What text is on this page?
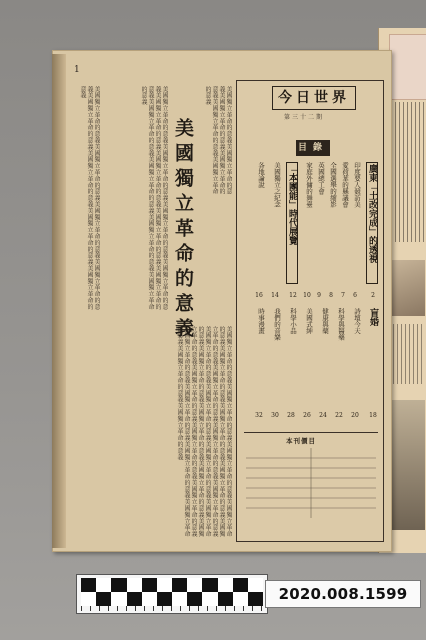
1
美國獨立革命的意義美國獨立革命的意義美國獨立革命的意義美國獨立革命的意義美國獨立革命的意義美國獨立革命的意義美國獨立革命的意義美國獨立革命的意義	美國獨立革命的意義美國獨立革命的意義美國獨立革命的意義美國獨立革命的意義美國獨立革命的意義美國獨立革命的意義美國獨立革命的意義美國獨立革命的意義美國獨立革命的意義美國獨立革命的意義美國獨立革命的意義美國獨立革命的意義	美國獨立革命的意義美國獨立革命的意義美國獨立革命的意義美國獨立革命的意義美國獨立革命的意義美國獨立革命的意義
美國獨立革命的意義美國獨立革命的意義美國獨立革命的意義美國獨立革命的意義美國獨立革命的意義美國獨立革命的意義美國獨立革命的意義美國獨立革命的意義美國獨立革命的意義美國獨立革命的意義美國獨立革命的意義美國獨立革命的意義美國獨立革命的意義美國獨立革命的意義美國獨立革命的意義美國獨立革命的意義美國獨立革命的意義美國獨立革命的意義美國獨立革命的意義美國獨立革命的意義美國獨立革命的意義美國獨立革命的意義美國獨立革命的意義美國獨立革命的意義美國獨立革命的意義美國獨立革命的意義美國獨立革命的意義美國獨立革命的意義
美國獨立革命的意義
今日世界
第三十二期
目錄
廣東「土改完成」的透視
印度要人競訪美
愛荷華的縣議會
全國選舉的縮影
英國總工會
家庭外傭的舞臺
「本團能」時代展覽
美國獨立之紀念
各地論說
2
6
7
8
9
10
12
14
16
盲婚
詩壇今天
科學與醫藥
健康與藥
美國式紳
科學小品
我們的音樂
時事漫畫
18
20
22
24
26
28
30
32
本刊價目
2020.008.1599
